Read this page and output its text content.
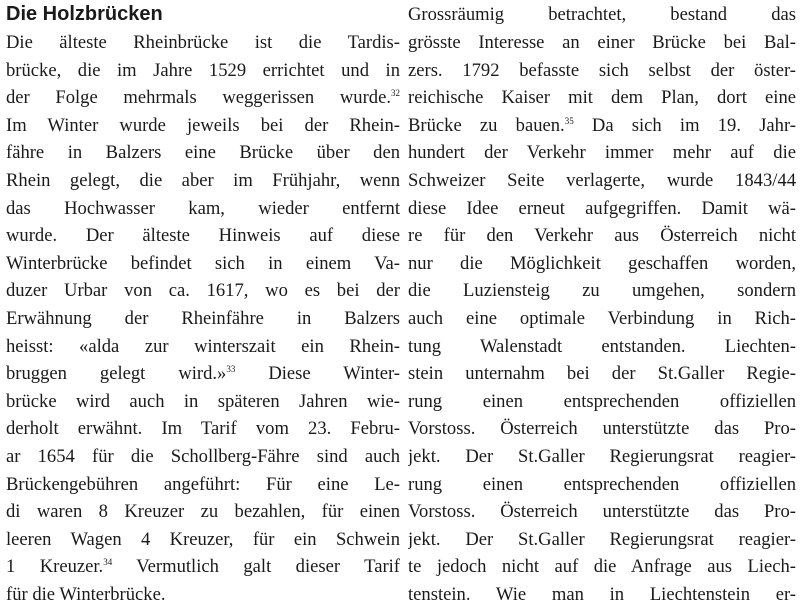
Die Holzbrücken
Die älteste Rheinbrücke ist die Tardis-
brücke, die im Jahre 1529 errichtet und in
der Folge mehrmals weggerissen wurde.$^{32}$
Im Winter wurde jeweils bei der Rhein-
fähre in Balzers eine Brücke über den
Rhein gelegt, die aber im Frühjahr, wenn
das Hochwasser kam, wieder entfernt
wurde. Der älteste Hinweis auf diese
Winterbrücke befindet sich in einem Va-
duzer Urbar von ca. 1617, wo es bei der
Erwähnung der Rheinfähre in Balzers
heisst: «alda zur winterszait ein Rhein-
bruggen gelegt wird.»$^{33}$ Diese Winter-
brücke wird auch in späteren Jahren wie-
derholt erwähnt. Im Tarif vom 23. Febru-
ar 1654 für die Schollberg-Fähre sind auch
Brückengebühren angeführt: Für eine Le-
di waren 8 Kreuzer zu bezahlen, für einen
leeren Wagen 4 Kreuzer, für ein Schwein
1 Kreuzer.$^{34}$ Vermutlich galt dieser Tarif
für die Winterbrücke.
Grossräumig betrachtet, bestand das
grösste Interesse an einer Brücke bei Bal-
zers. 1792 befasste sich selbst der öster-
reichische Kaiser mit dem Plan, dort eine
Brücke zu bauen.$^{35}$ Da sich im 19. Jahr-
hundert der Verkehr immer mehr auf die
Schweizer Seite verlagerte, wurde 1843/44
diese Idee erneut aufgegriffen. Damit wä-
re für den Verkehr aus Österreich nicht
nur die Möglichkeit geschaffen worden,
die Luziensteig zu umgehen, sondern
auch eine optimale Verbindung in Rich-
tung Walenstadt entstanden. Liechten-
stein unternahm bei der St.Galler Regie-
rung einen entsprechenden offiziellen
Vorstoss. Österreich unterstützte das Pro-
jekt. Der St.Galler Regierungsrat reagier-
rung einen entsprechenden offiziellen
Vorstoss. Österreich unterstützte das Pro-
jekt. Der St.Galler Regierungsrat reagier-
te jedoch nicht auf die Anfrage aus Liech-
tenstein. Wie man in Liechtenstein er-
